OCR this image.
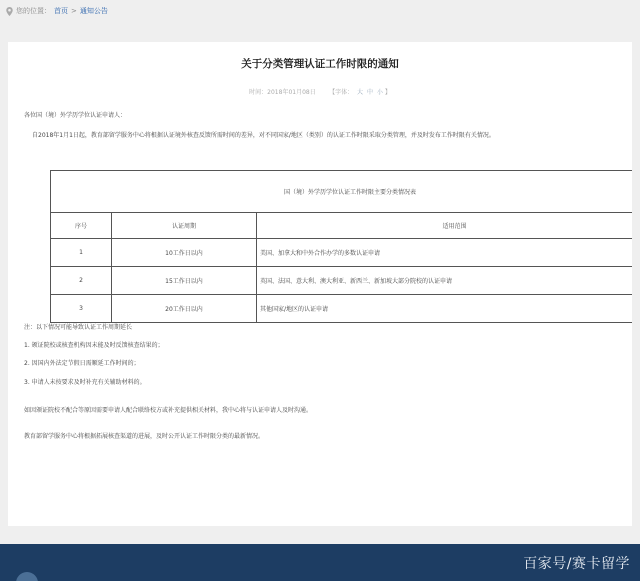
您的位置： 首页 > 通知公告
关于分类管理认证工作时限的通知
时间：2018年01月08日 【字体： 大 中 小 】
各位国（境）外学历学位认证申请人：
自2018年1月1日起，教育部留学服务中心将根据认证境外核查反馈所需时间的差异，对不同国家/地区（类别）的认证工作时限采取分类管理，并及时发布工作时限有关情况。
国（境）外学历学位认证工作时限主要分类情况表		
序号	认证周期	适用范围
1	10工作日以内	美国、加拿大和中外合作办学的多数认证申请
2	15工作日以内	英国、法国、意大利、澳大利亚、新西兰、新加坡大部分院校的认证申请
3	20工作日以内	其他国家/地区的认证申请
注：以下情况可能导致认证工作周期延长
1. 颁证院校或核查机构因未能及时反馈核查结果的；
2. 因国内外法定节假日需顺延工作时间的；
3. 申请人未按要求及时补充有关辅助材料的。
如因颁证院校不配合等原因需要申请人配合联络校方或补充提供相关材料，我中心将与认证申请人及时沟通。
教育部留学服务中心将根据拓展核查渠道的进展，及时公开认证工作时限分类的最新情况。
百家号/赛卡留学
